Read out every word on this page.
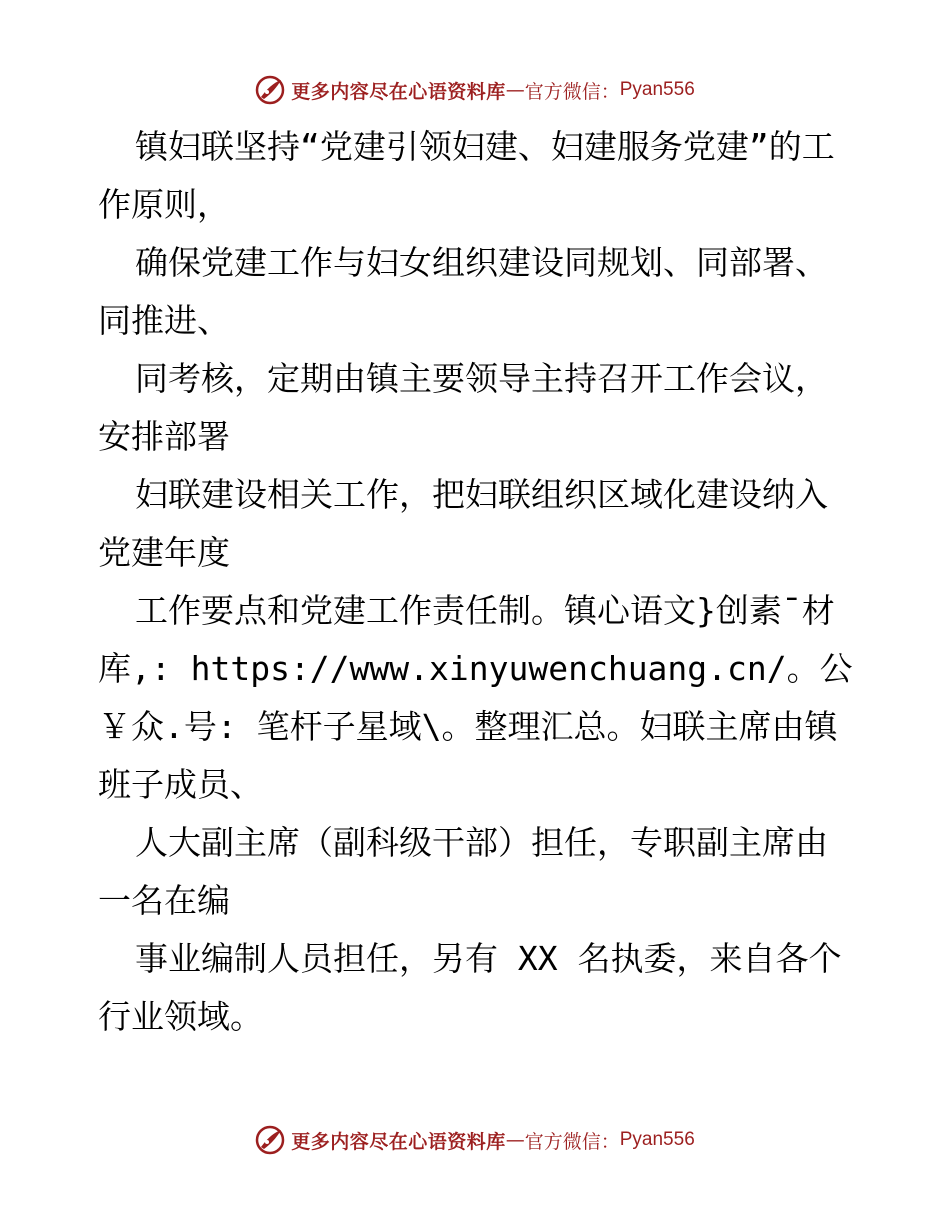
更多内容尽在心语资料库 — 官方微信： Pyan556

镇妇联坚持“党建引领妇建、妇建服务党建”的工作原则，

确保党建工作与妇女组织建设同规划、同部署、同推进、

同考核，定期由镇主要领导主持召开工作会议，安排部署

妇联建设相关工作，把妇联组织区域化建设纳入党建年度

工作要点和党建工作责任制。镇心语文}创素¯材库,: https://www.xinyuwenchuang.cn/。公￥众.号: 笔杆子星域\。整理汇总。妇联主席由镇班子成员、

人大副主席（副科级干部）担任，专职副主席由一名在编

事业编制人员担任，另有 XX 名执委，来自各个行业领域。

更多内容尽在心语资料库 — 官方微信： Pyan556
